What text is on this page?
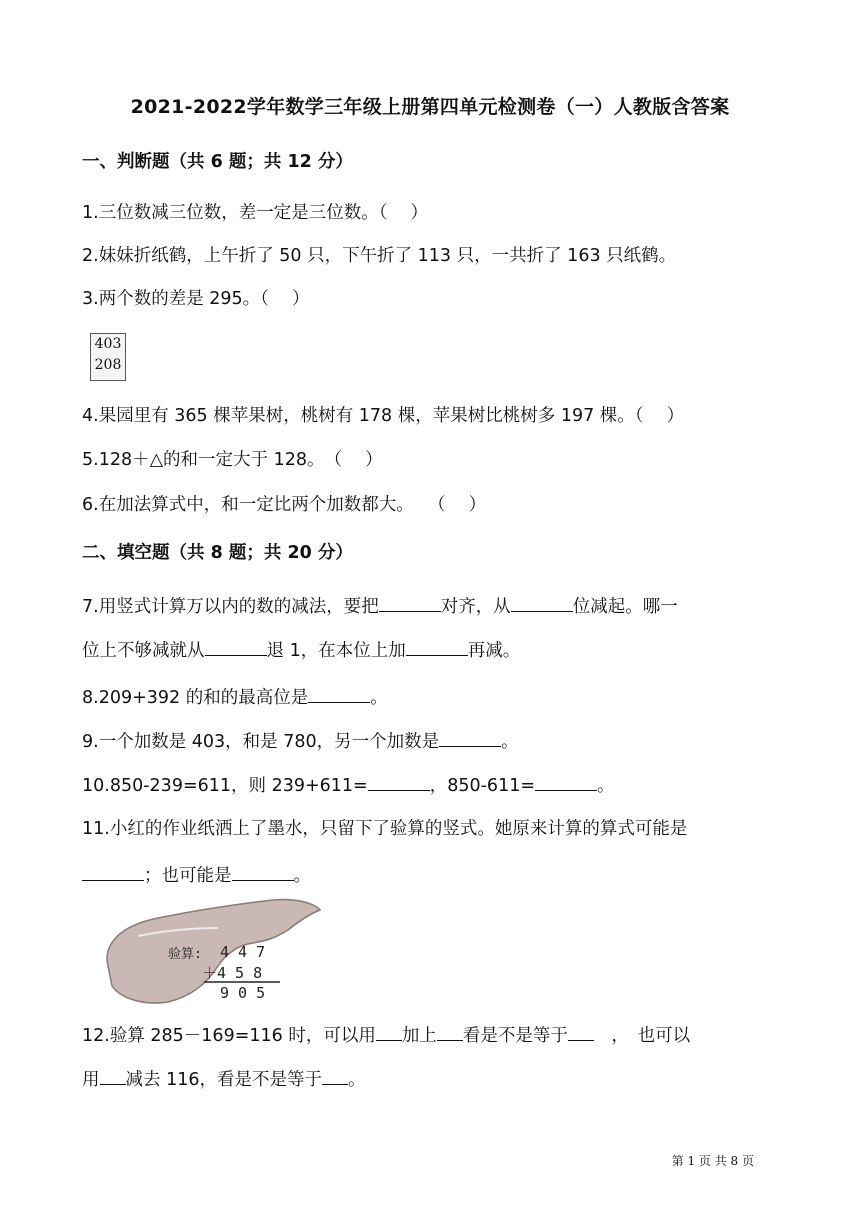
2021-2022学年数学三年级上册第四单元检测卷（一）人教版含答案
一、判断题（共 6 题；共 12 分）
1.三位数减三位数，差一定是三位数。（　 ）
2.妹妹折纸鹤，上午折了 50 只，下午折了 113 只，一共折了 163 只纸鹤。
3.两个数的差是 295。（　 ）
403
208
4.果园里有 365 棵苹果树，桃树有 178 棵，苹果树比桃树多 197 棵。（　 ）
5.128＋△的和一定大于 128。　（　 ）
6.在加法算式中，和一定比两个加数都大。　 （　 ）
二、填空题（共 8 题；共 20 分）
7.用竖式计算万以内的数的减法，要把	对齐，从	位减起。哪一
位上不够减就从	退 1，在本位上加	再减。
8.209+392 的和的最高位是	。
9.一个加数是 403，和是 780，另一个加数是	。
10.850-239=611，则 239+611=	，850-611=	。
11.小红的作业纸洒上了墨水，只留下了验算的竖式。她原来计算的算式可能是
；也可能是	。
验算: 4 4 7
＋4 5 8
9 0 5
12.验算 285－169=116 时，可以用 加上 看是不是等于　，　也可以
用 减去 116，看是不是等于 。
第 1 页 共 8 页
